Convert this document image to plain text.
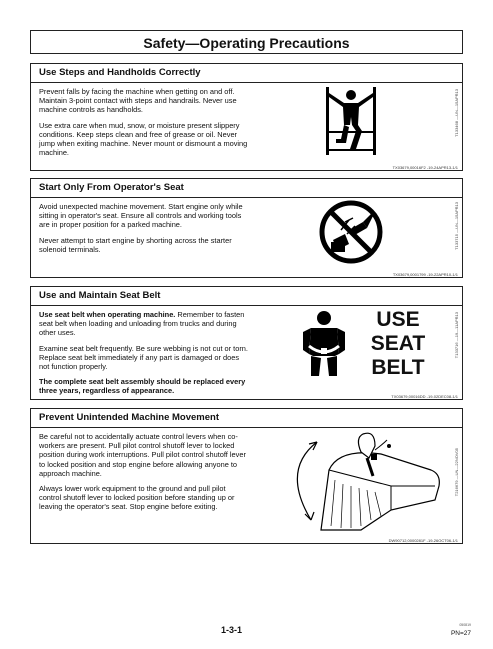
Safety—Operating Precautions
Use Steps and Handholds Correctly

Prevent falls by facing the machine when getting on and off. Maintain 3-point contact with steps and handrails. Never use machine controls as handholds.

Use extra care when mud, snow, or moisture present slippery conditions. Keep steps clean and free of grease or oil. Never jump when exiting machine. Never mount or dismount a moving machine.

T133468 —UN—15APR13
TX03679,00016F2 -19-24APR13-1/1
Start Only From Operator's Seat

Avoid unexpected machine movement. Start engine only while sitting in operator's seat. Ensure all controls and working tools are in proper position for a parked machine.

Never attempt to start engine by shorting across the starter solenoid terminals.	T133715 —UN—15APR13
TX03679,0001799 -19-22APR10-1/1
Use and Maintain Seat Belt

Use seat belt when operating machine. Remember to fasten seat belt when loading and unloading from trucks and during other uses.

Examine seat belt frequently. Be sure webbing is not cut or torn. Replace seat belt immediately if any part is damaged or does not function properly.

The complete seat belt assembly should be replaced every three years, regardless of appearance.

USE
SEAT
BELT
T133716 —19—11APR13
TX03679,00016DD -19-02DEC08-1/1
Prevent Unintended Machine Movement

Be careful not to accidentally actuate control levers when co-workers are present. Pull pilot control shutoff lever to locked position during work interruptions. Pull pilot control shutoff lever to locked position and stop engine before allowing anyone to approach machine.

Always lower work equipment to the ground and pull pilot control shutoff lever to locked position before standing up or leaving the operator's seat. Stop engine before exiting.

T216679 —UN—22NOV05
DW90712,0000281F -19-26OCT06-1/1
1-3-1	050819
PN=27
